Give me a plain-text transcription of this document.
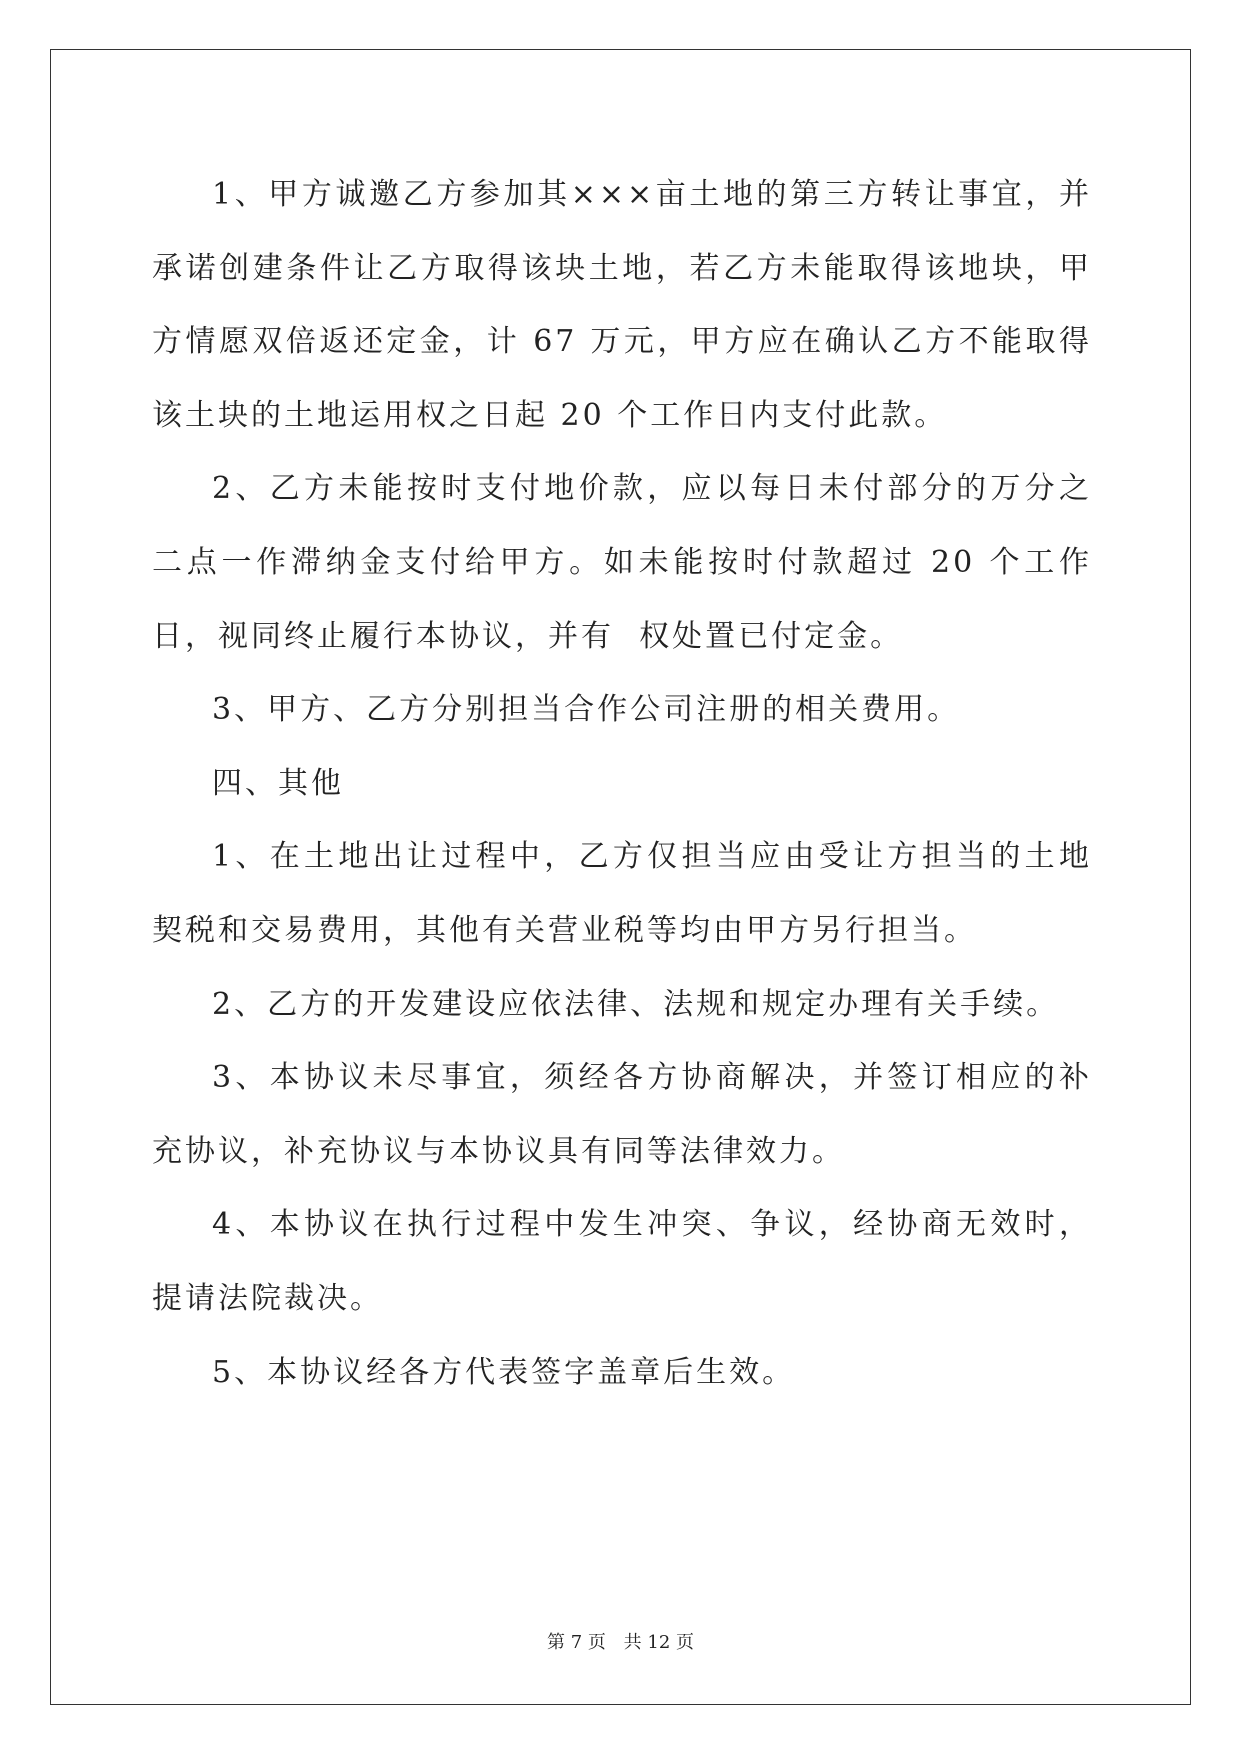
1、甲方诚邀乙方参加其×××亩土地的第三方转让事宜，并承诺创建条件让乙方取得该块土地，若乙方未能取得该地块，甲方情愿双倍返还定金，计 67 万元，甲方应在确认乙方不能取得该土块的土地运用权之日起 20 个工作日内支付此款。

2、乙方未能按时支付地价款，应以每日未付部分的万分之二点一作滞纳金支付给甲方。如未能按时付款超过 20 个工作日，视同终止履行本协议，并有  权处置已付定金。

3、甲方、乙方分别担当合作公司注册的相关费用。

四、其他

1、在土地出让过程中，乙方仅担当应由受让方担当的土地契税和交易费用，其他有关营业税等均由甲方另行担当。

2、乙方的开发建设应依法律、法规和规定办理有关手续。

3、本协议未尽事宜，须经各方协商解决，并签订相应的补充协议，补充协议与本协议具有同等法律效力。

4、本协议在执行过程中发生冲突、争议，经协商无效时，提请法院裁决。

5、本协议经各方代表签字盖章后生效。

第 7 页 共 12 页
